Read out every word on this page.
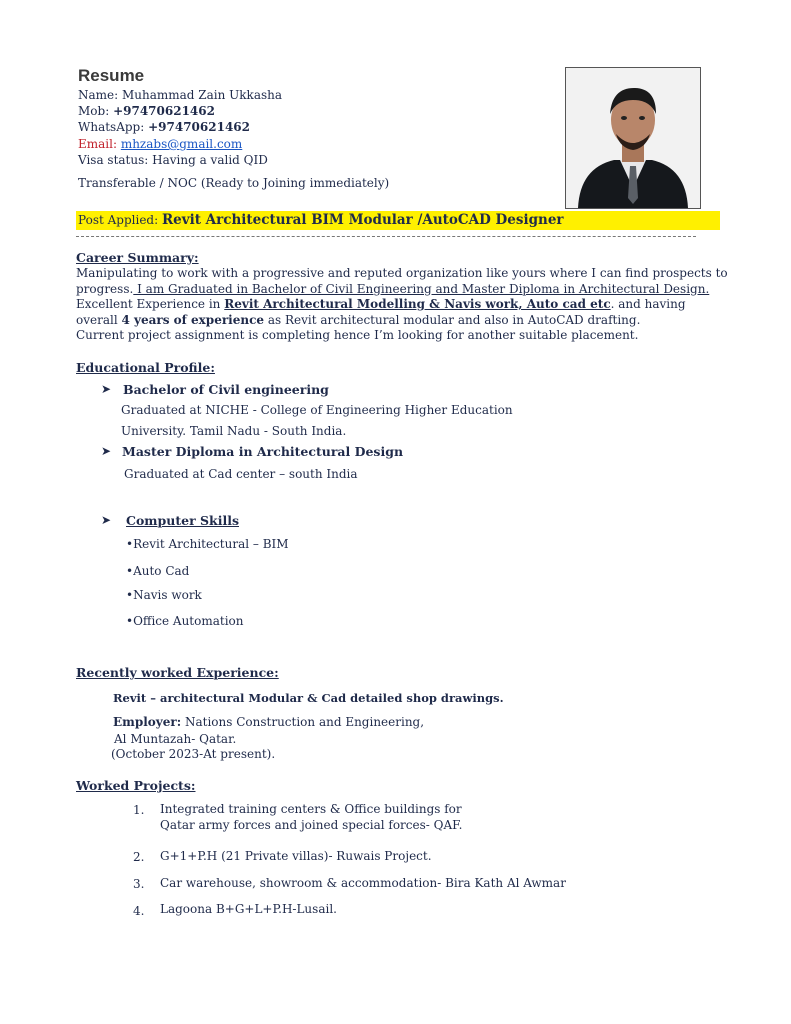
Resume
Name: Muhammad Zain Ukkasha
Mob: +97470621462
WhatsApp: +97470621462
Email: mhzabs@gmail.com
Visa status: Having a valid QID
Transferable / NOC (Ready to Joining immediately)
Post Applied: Revit Architectural BIM Modular /AutoCAD Designer
Career Summary:
Manipulating to work with a progressive and reputed organization like yours where I can find prospects to
progress. I am Graduated in Bachelor of Civil Engineering and Master Diploma in Architectural Design.
Excellent Experience in Revit Architectural Modelling & Navis work, Auto cad etc. and having
overall 4 years of experience as Revit architectural modular and also in AutoCAD drafting.
Current project assignment is completing hence I’m looking for another suitable placement.
Educational Profile:
➤ Bachelor of Civil engineering
Graduated at NICHE - College of Engineering Higher Education
University. Tamil Nadu - South India.
➤ Master Diploma in Architectural Design
Graduated at Cad center – south India
➤ Computer Skills
•Revit Architectural – BIM
•Auto Cad
•Navis work
•Office Automation
Recently worked Experience:
Revit – architectural Modular & Cad detailed shop drawings.
Employer: Nations Construction and Engineering,
Al Muntazah- Qatar.
(October 2023-At present).
Worked Projects:
1. Integrated training centers & Office buildings for
Qatar army forces and joined special forces- QAF.
2. G+1+P.H (21 Private villas)- Ruwais Project.
3. Car warehouse, showroom & accommodation- Bira Kath Al Awmar
4. Lagoona B+G+L+P.H-Lusail.
